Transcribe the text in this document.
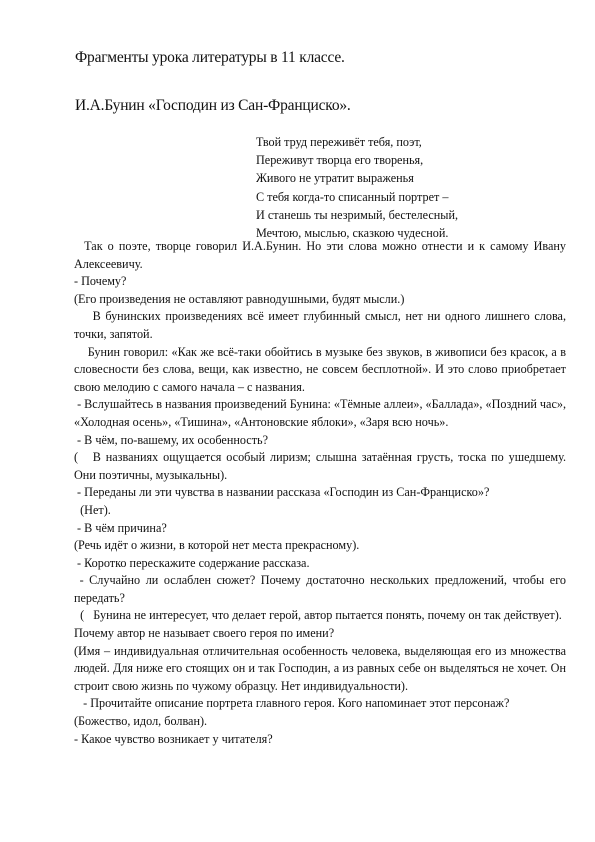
Фрагменты урока литературы в 11 классе.
И.А.Бунин «Господин из Сан-Франциско».
Твой труд переживёт тебя, поэт,
Переживут творца его творенья,
Живого не утратит выраженья
С тебя когда-то списанный портрет –
И станешь ты незримый, бестелесный,
Мечтою, мыслью, сказкою чудесной.

Так о поэте, творце говорил И.А.Бунин. Но эти слова можно отнести и к самому Ивану Алексеевичу.

- Почему?

(Его произведения не оставляют равнодушными, будят мысли.)

В бунинских произведениях всё имеет глубинный смысл, нет ни одного лишнего слова, точки, запятой.

Бунин говорил: «Как же всё-таки обойтись в музыке без звуков, в живописи без красок, а в словесности без слова, вещи, как известно, не совсем бесплотной». И это слово приобретает свою мелодию с самого начала – с названия.

- Вслушайтесь в названия произведений Бунина: «Тёмные аллеи», «Баллада», «Поздний час», «Холодная осень», «Тишина», «Антоновские яблоки», «Заря всю ночь».

- В чём, по-вашему, их особенность?

(   В названиях ощущается особый лиризм; слышна затаённая грусть, тоска по ушедшему.  Они поэтичны, музыкальны).

- Переданы ли эти чувства в названии рассказа «Господин из Сан-Франциско»?

(Нет).

- В чём причина?

(Речь идёт о жизни, в которой нет места прекрасному).

- Коротко перескажите содержание рассказа.

- Случайно ли ослаблен сюжет? Почему достаточно нескольких предложений, чтобы его передать?

(   Бунина не интересует, что делает герой, автор пытается понять, почему он так действует).

Почему автор не называет своего героя по имени?

(Имя – индивидуальная отличительная особенность человека, выделяющая его из множества людей. Для ниже его стоящих он и так Господин, а из равных себе он выделяться не хочет. Он строит свою жизнь по чужому образцу. Нет индивидуальности).

- Прочитайте описание портрета главного героя. Кого напоминает этот персонаж?

(Божество, идол, болван).

- Какое чувство возникает у читателя?
